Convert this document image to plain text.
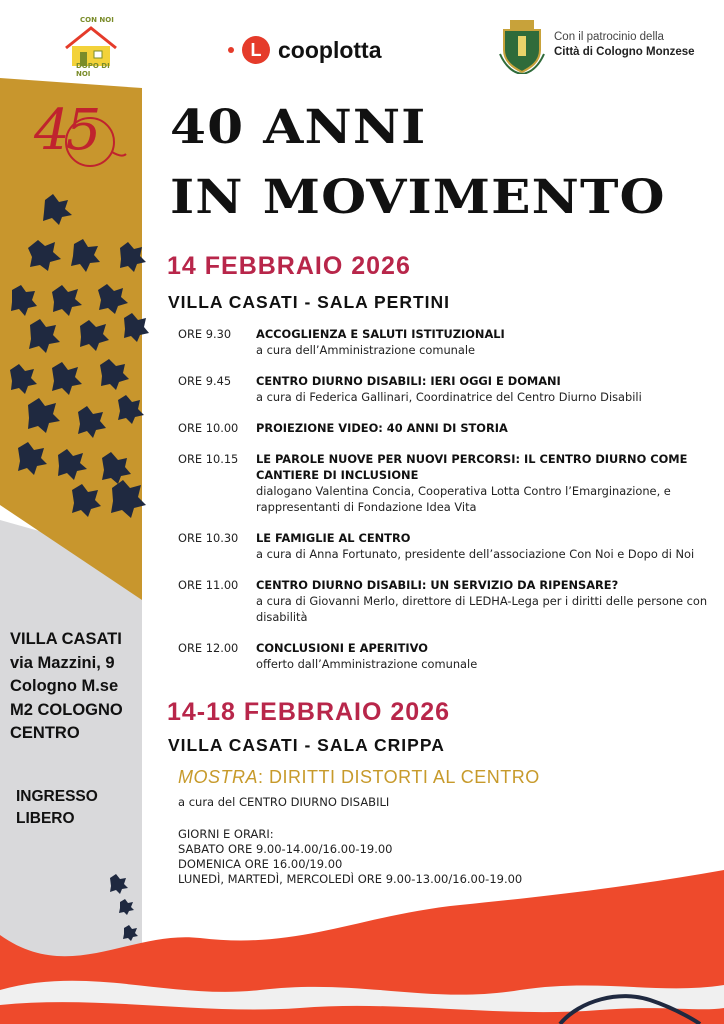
CON NOI
DOPO DI NOI
L cooplotta	Con il patrocinio della
Città di Cologno Monzese
45 40 ANNI
IN MOVIMENTO
14 FEBBRAIO 2026
VILLA CASATI - SALA PERTINI
ORE 9.30	ACCOGLIENZA E SALUTI ISTITUZIONALI
a cura dell’Amministrazione comunale
ORE 9.45	CENTRO DIURNO DISABILI: IERI OGGI E DOMANI
a cura di Federica Gallinari, Coordinatrice del Centro Diurno Disabili
ORE 10.00	PROIEZIONE VIDEO: 40 ANNI DI STORIA
ORE 10.15	LE PAROLE NUOVE PER NUOVI PERCORSI: IL CENTRO DIURNO COME CANTIERE DI INCLUSIONE
dialogano Valentina Concia, Cooperativa Lotta Contro l’Emarginazione, e rappresentanti di Fondazione Idea Vita
ORE 10.30	LE FAMIGLIE AL CENTRO
a cura di Anna Fortunato, presidente dell’associazione Con Noi e Dopo di Noi
ORE 11.00	CENTRO DIURNO DISABILI: UN SERVIZIO DA RIPENSARE?
a cura di Giovanni Merlo, direttore di LEDHA-Lega per i diritti delle persone con disabilità
ORE 12.00	CONCLUSIONI E APERITIVO
offerto dall’Amministrazione comunale
14-18 FEBBRAIO 2026
VILLA CASATI - SALA CRIPPA
MOSTRA: DIRITTI DISTORTI AL CENTRO
a cura del CENTRO DIURNO DISABILI
GIORNI E ORARI:
SABATO ORE 9.00-14.00/16.00-19.00
DOMENICA ORE 16.00/19.00
LUNEDÌ, MARTEDÌ, MERCOLEDÌ ORE 9.00-13.00/16.00-19.00
VILLA CASATI
via Mazzini, 9
Cologno M.se
M2 COLOGNO
CENTRO
INGRESSO
LIBERO
